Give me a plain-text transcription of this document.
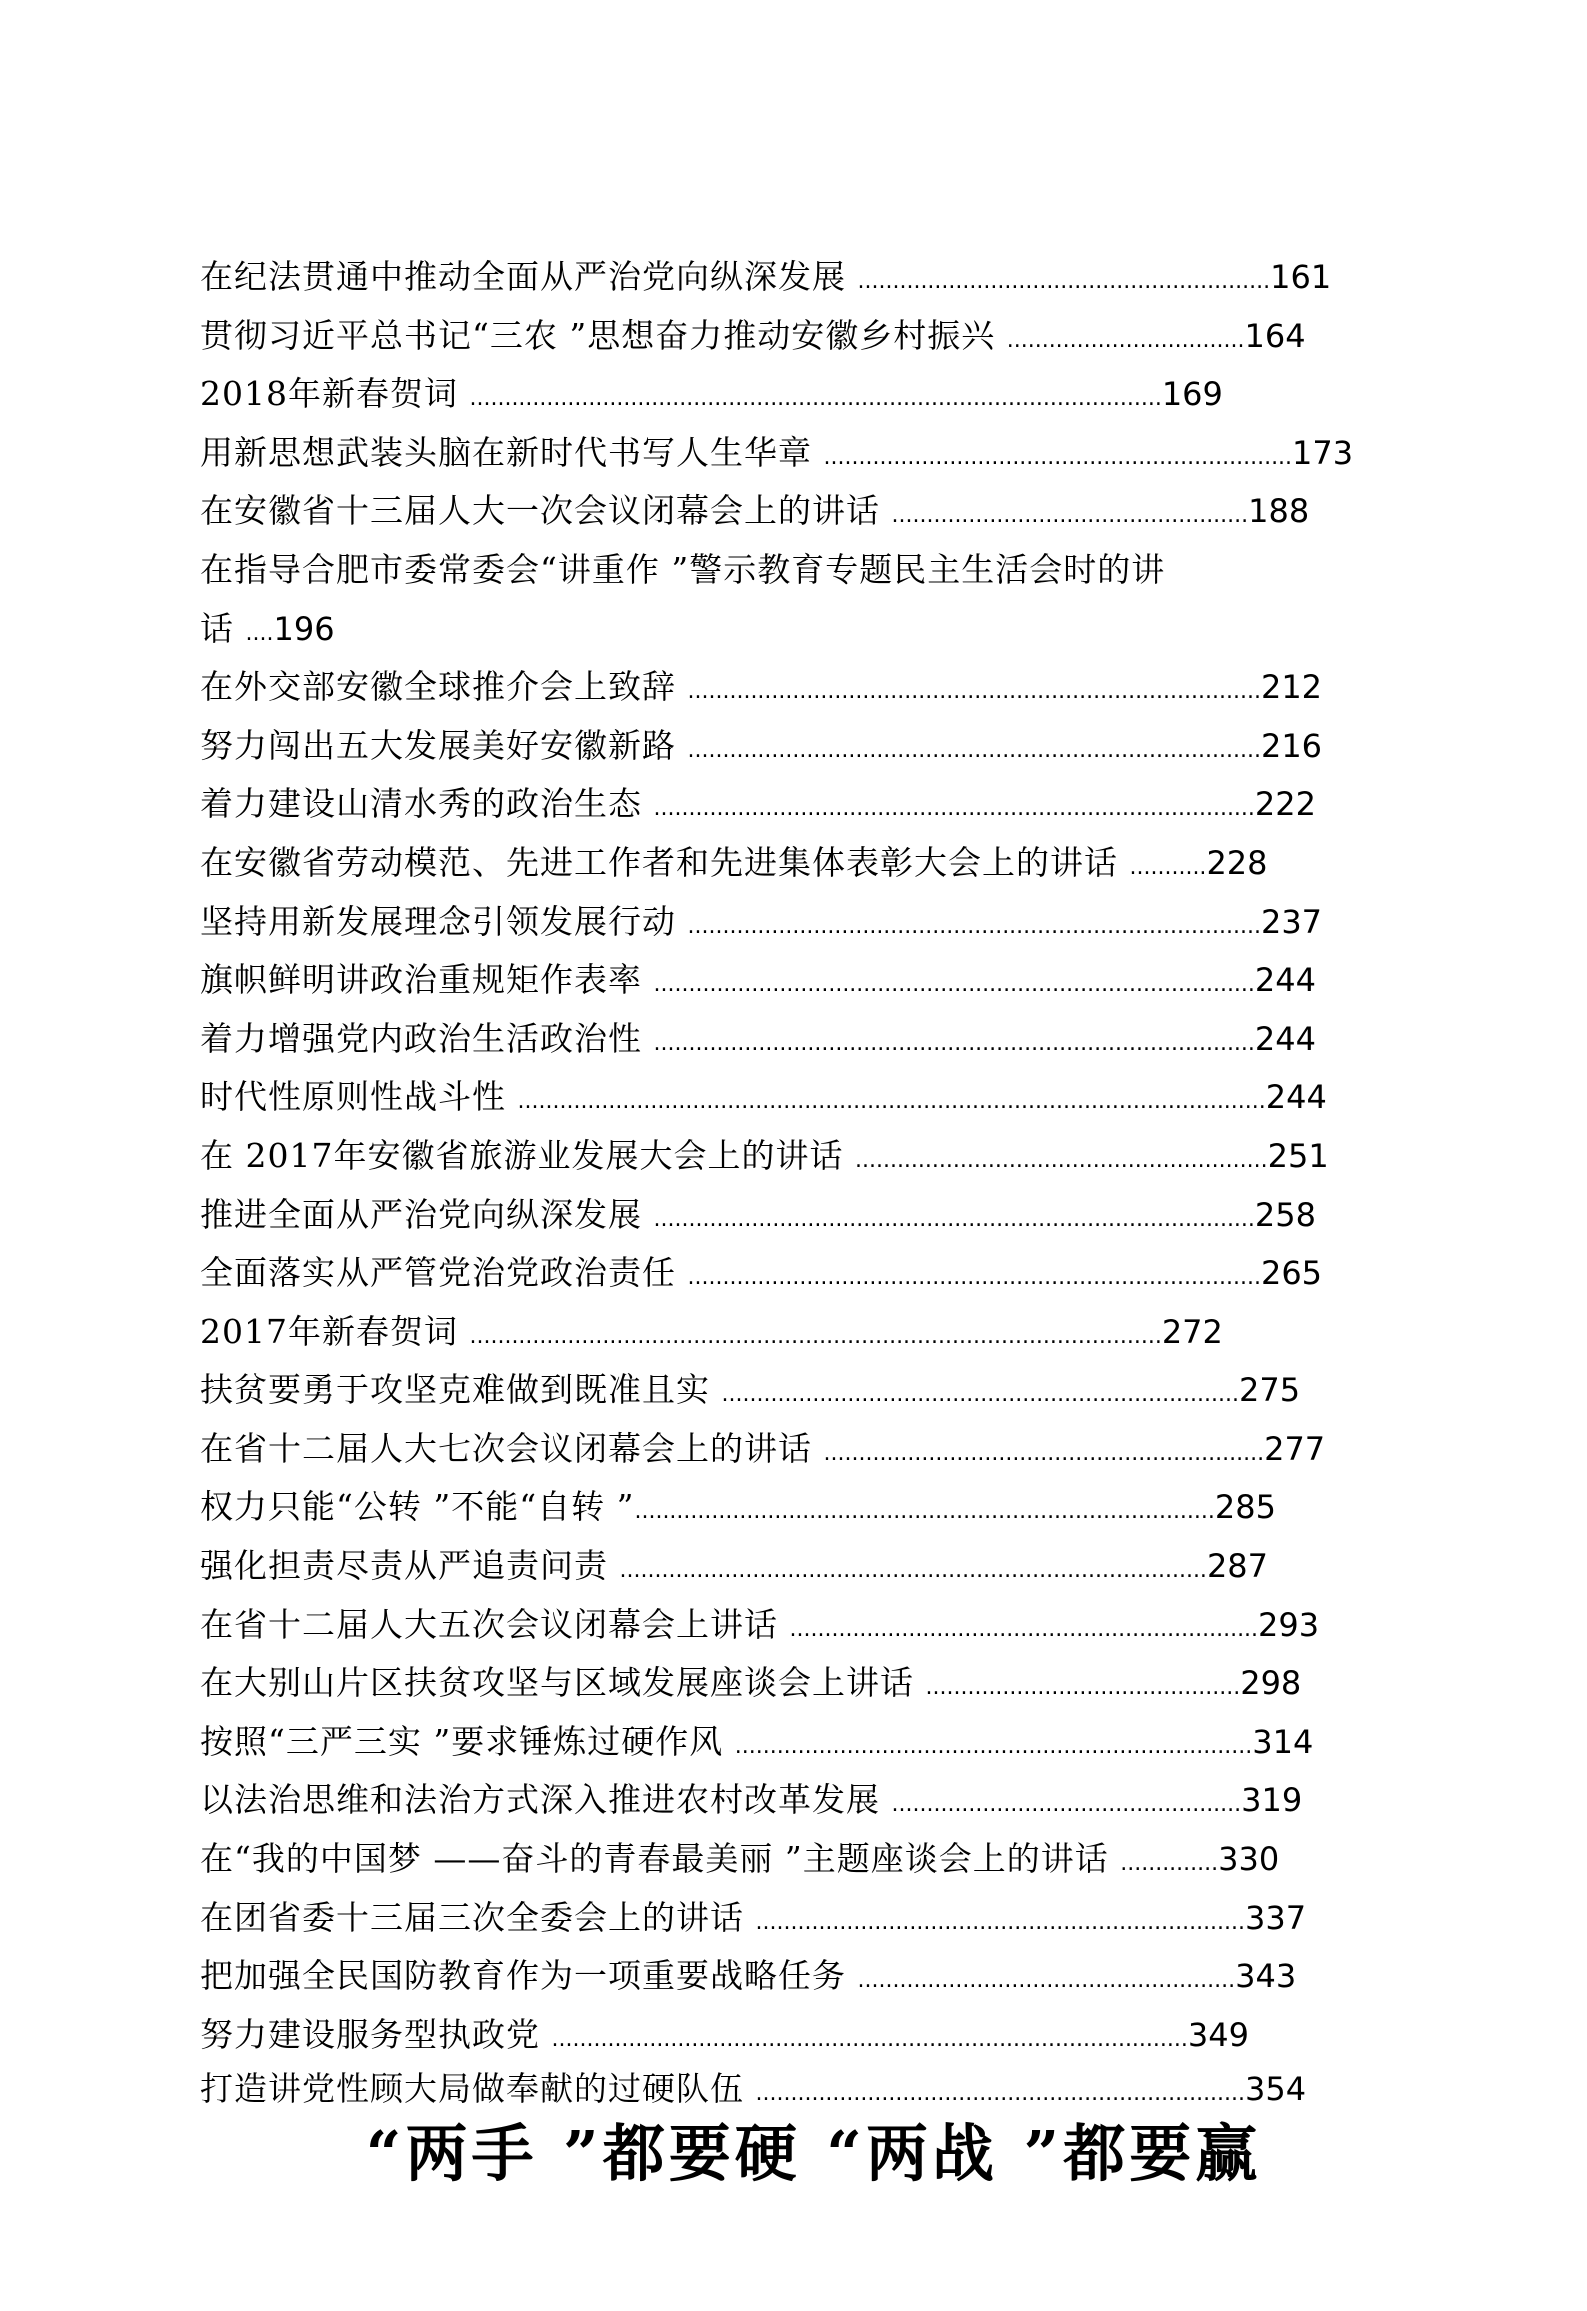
在纪法贯通中推动全面从严治党向纵深发展 ...........................................................161
贯彻习近平总书记“三农 ”思想奋力推动安徽乡村振兴 ..................................164
2018年新春贺词 ...................................................................................................169
用新思想武装头脑在新时代书写人生华章 ...................................................................173
在安徽省十三届人大一次会议闭幕会上的讲话 ...................................................188
在指导合肥市委常委会“讲重作 ”警示教育专题民主生活会时的讲
话 ....196
在外交部安徽全球推介会上致辞 ..................................................................................212
努力闯出五大发展美好安徽新路 ..................................................................................216
着力建设山清水秀的政治生态 ......................................................................................222
在安徽省劳动模范、先进工作者和先进集体表彰大会上的讲话 ...........228
坚持用新发展理念引领发展行动 ..................................................................................237
旗帜鲜明讲政治重规矩作表率 ......................................................................................244
着力增强党内政治生活政治性 ......................................................................................244
时代性原则性战斗性 ...........................................................................................................244
在 2017年安徽省旅游业发展大会上的讲话 ...........................................................251
推进全面从严治党向纵深发展 ......................................................................................258
全面落实从严管党治党政治责任 ..................................................................................265
2017年新春贺词 ...................................................................................................272
扶贫要勇于攻坚克难做到既准且实 ..........................................................................275
在省十二届人大七次会议闭幕会上的讲话 ...............................................................277
权力只能“公转 ”不能“自转 ”...................................................................................285
强化担责尽责从严追责问责 ....................................................................................287
在省十二届人大五次会议闭幕会上讲话 ...................................................................293
在大别山片区扶贫攻坚与区域发展座谈会上讲话 .............................................298
按照“三严三实 ”要求锤炼过硬作风 ..........................................................................314
以法治思维和法治方式深入推进农村改革发展 ..................................................319
在“我的中国梦 ——奋斗的青春最美丽 ”主题座谈会上的讲话 ..............330
在团省委十三届三次全委会上的讲话 ......................................................................337
把加强全民国防教育作为一项重要战略任务 ......................................................343
努力建设服务型执政党 ...........................................................................................349
打造讲党性顾大局做奉献的过硬队伍 ......................................................................354
“两手 ”都要硬 “两战 ”都要赢
